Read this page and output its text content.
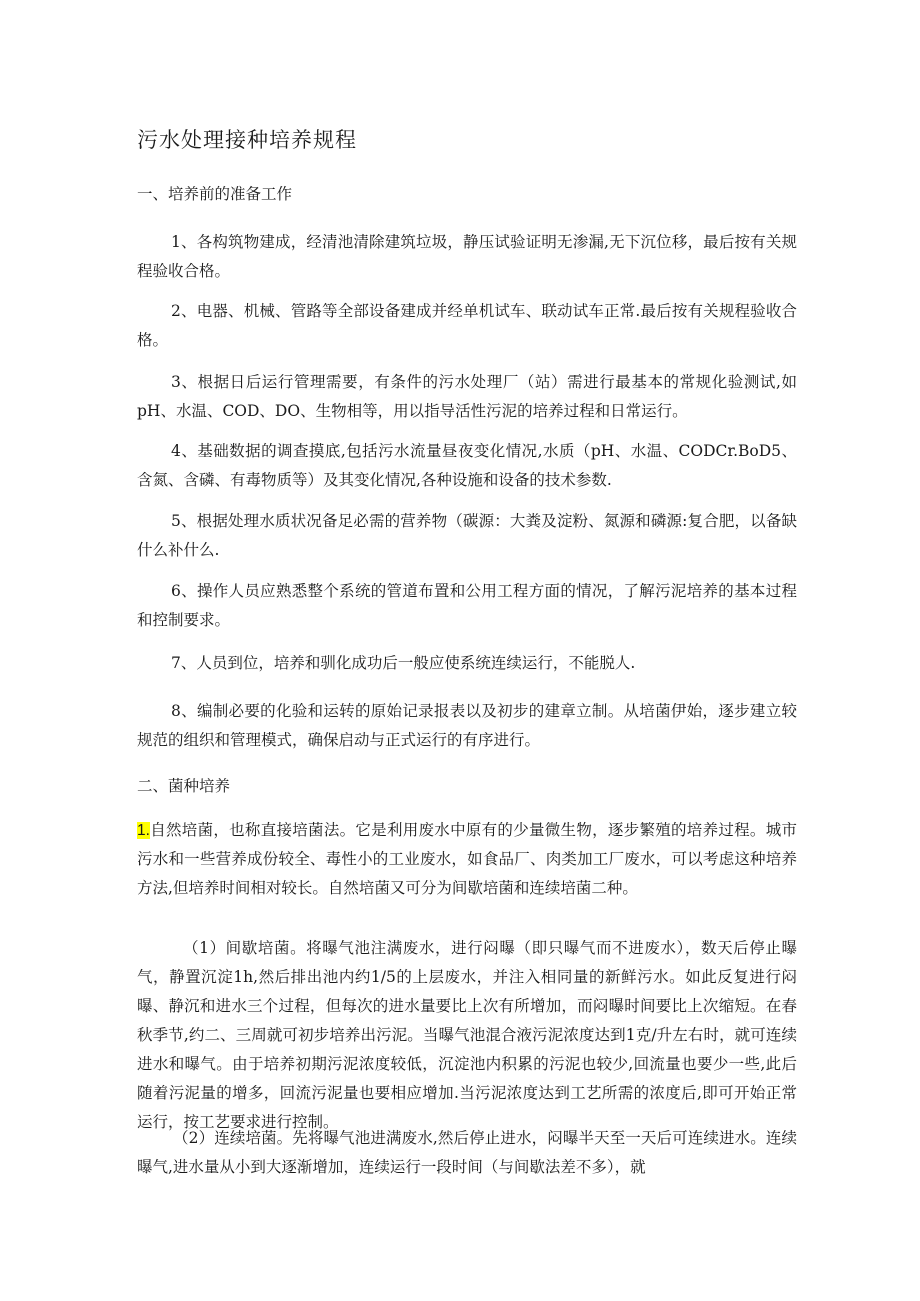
污水处理接种培养规程
一、培养前的准备工作
1、各构筑物建成，经清池清除建筑垃圾，静压试验证明无渗漏,无下沉位移，最后按有关规程验收合格。
2、电器、机械、管路等全部设备建成并经单机试车、联动试车正常.最后按有关规程验收合格。
3、根据日后运行管理需要，有条件的污水处理厂（站）需进行最基本的常规化验测试,如pH、水温、COD、DO、生物相等，用以指导活性污泥的培养过程和日常运行。
4、基础数据的调查摸底,包括污水流量昼夜变化情况,水质（pH、水温、CODCr.BoD5、含氮、含磷、有毒物质等）及其变化情况,各种设施和设备的技术参数.
5、根据处理水质状况备足必需的营养物（碳源：大粪及淀粉、氮源和磷源:复合肥，以备缺什么补什么.
6、操作人员应熟悉整个系统的管道布置和公用工程方面的情况，了解污泥培养的基本过程和控制要求。
7、人员到位，培养和驯化成功后一般应使系统连续运行，不能脱人.
8、编制必要的化验和运转的原始记录报表以及初步的建章立制。从培菌伊始，逐步建立较规范的组织和管理模式，确保启动与正式运行的有序进行。
二、菌种培养
1.自然培菌，也称直接培菌法。它是利用废水中原有的少量微生物，逐步繁殖的培养过程。城市污水和一些营养成份较全、毒性小的工业废水，如食品厂、肉类加工厂废水，可以考虑这种培养方法,但培养时间相对较长。自然培菌又可分为间歇培菌和连续培菌二种。
（1）间歇培菌。将曝气池注满废水，进行闷曝（即只曝气而不进废水），数天后停止曝气，静置沉淀1h,然后排出池内约1/5的上层废水，并注入相同量的新鲜污水。如此反复进行闷曝、静沉和进水三个过程，但每次的进水量要比上次有所增加，而闷曝时间要比上次缩短。在春秋季节,约二、三周就可初步培养出污泥。当曝气池混合液污泥浓度达到1克/升左右时，就可连续进水和曝气。由于培养初期污泥浓度较低，沉淀池内积累的污泥也较少,回流量也要少一些,此后随着污泥量的增多，回流污泥量也要相应增加.当污泥浓度达到工艺所需的浓度后,即可开始正常运行，按工艺要求进行控制。
（2）连续培菌。先将曝气池进满废水,然后停止进水，闷曝半天至一天后可连续进水。连续曝气,进水量从小到大逐渐增加，连续运行一段时间（与间歇法差不多），就
